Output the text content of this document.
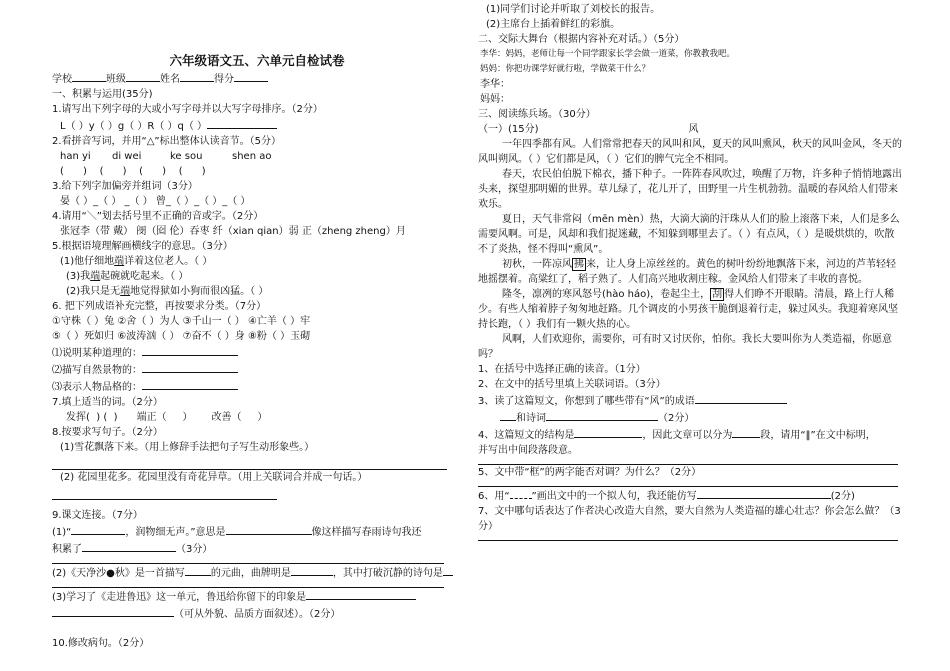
六年级语文五、六单元自检试卷
学校	班级	姓名	得分
一、积累与运用(35分)
1.请写出下列字母的大或小写字母并以大写字母排序。（2分）
L（ ）y（ ）g（ ）R（ ）q（ ）
2.看拼音写词，并用“△”标出整体认读音节。（5分）
han yi di wei	ke sou	shen ao
(      )    (      )    (      )    (      )
3.给下列字加偏旁并组词（3分）
晏（ ）_（ ） _（ ） 曾_（ ）_（ ）_（ ）
4.请用“＼”划去括号里不正确的音或字。（2分）
张冠李（带 戴） 阌（囵 伦）吞枣 纤（xian qian）弱 正（zheng zheng）月
5.根据语境理解画横线字的意思。（3分）
(1)他仔细地端详着这位老人。（ ）
(3)我端起碗就吃起来。（ ）
(2)我只是无端地觉得狱如小狗而很凶猛。（ ）
6. 把下列成语补充完整，再按要求分类。（7分）
①守株（ ）兔 ②舍（ ）为人 ③千山一（ ） ④亡羊（ ）牢
⑤（ ）死如归 ⑥波涛汹（ ） ⑦奋不（ ）身 ⑧粉（ ）玉砌
⑴说明某种道理的：
⑵描写自然景物的：
⑶表示人物品格的：
7.填上适当的词。（2分）
发挥(  ) (  )      端正（     ）      改善（     ）
8.按要求写句子。（2分）
(1)雪花飘落下来。（用上修辞手法把句子写生动形象些。）
(2) 花园里花多。花园里没有奇花异草。（用上关联词合并成一句话。）
9.课文连接。（7分）
(1)“	，润物细无声。”意思是	像这样描写春雨诗句我还
积累了	（3分）
(2)《天净沙●秋》是一首描写	的元曲，曲牌明是	，其中打破沉静的诗句是
(3)学习了《走进鲁迅》这一单元，鲁迅给你留下的印象是
（可从外貌、品质方面叙述）。（2分）
10.修改病句。（2分）
(1)同学们讨论并听取了刘校长的报告。
(2)主席台上插着鲜红的彩旗。
二、交际大舞台（根据内容补充对话。）（5分）
李华：妈妈，老师让每一个同学跟家长学会做一道菜，你教教我吧。
妈妈：你把功课学好就行啦，学做菜干什么？
李华：
妈妈：
三、阅读练兵场。（30分）
（一）(15分)	风
一年四季都有风。人们常常把春天的风叫和风，夏天的风叫熏风，秋天的风叫金风，冬天的风叫朔风。（ ）它们都是风，（ ）它们的脾气完全不相同。
春天，农民伯伯脱下棉衣，播下种子。一阵阵春风吹过，唤醒了万物，许多种子悄悄地露出头来，探望那明媚的世界。草儿绿了，花儿开了，田野里一片生机勃勃。温暖的春风给人们带来欢乐。
夏日，天气非常闷（mēn mèn）热，大滴大滴的汗珠从人们的脸上滚落下来，人们是多么需要风啊。可是，风却和我们捉迷藏，不知躲到哪里去了。（ ）有点风，（ ）是暖烘烘的，吹散不了炎热，怪不得叫“熏风”。
初秋，一阵凉风 拂 来，让人身上凉丝丝的。黄色的树叶纷纷地飘落下来，河边的芦苇轻轻地摇摆着。高粱红了，稻子熟了。人们高兴地收割庄稼。金风给人们带来了丰收的喜悦。
隆冬，凛冽的寒风怒号(hào háo)，卷起尘土， 刮 得人们睁不开眼睛。清晨，路上行人稀少。有些人缩着脖子匆匆地赶路。几个调皮的小男孩干脆倒退着行走，躲过风头。我迎着寒风坚持长跑，（ ）我们有一颗火热的心。
风啊，人们欢迎你，需要你，可有时又讨厌你，怕你。我长大要叫你为人类造福，你愿意吗？
1、在括号中选择正确的读音。（1分）
2、在文中的括号里填上关联词语。（3分）
3、读了这篇短文，你想到了哪些带有“风”的成语
和诗词	（2分）
4、这篇短文的结构是	，因此文章可以分为	段，请用“‖”在文中标明，
并写出中间段落段意。
5、文中带“框”的两字能否对调？为什么？（2分）
6、用“ ”画出文中的一个拟人句，我还能仿写	(2分)
7、文中哪句话表达了作者决心改造大自然，要大自然为人类造福的雄心壮志？你会怎么做？（3分）
